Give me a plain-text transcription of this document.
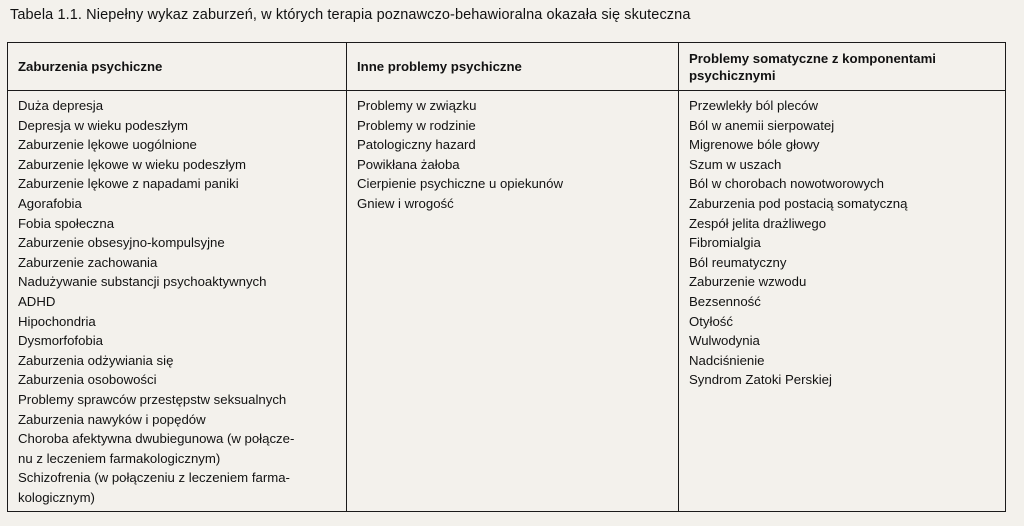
Tabela 1.1. Niepełny wykaz zaburzeń, w których terapia poznawczo-behawioralna okazała się skuteczna
Zaburzenia psychiczne	Inne problemy psychiczne
Problemy somatyczne z komponentami psychicznymi
Duża depresja
Depresja w wieku podeszłym
Zaburzenie lękowe uogólnione
Zaburzenie lękowe w wieku podeszłym
Zaburzenie lękowe z napadami paniki
Agorafobia
Fobia społeczna
Zaburzenie obsesyjno-kompulsyjne
Zaburzenie zachowania
Nadużywanie substancji psychoaktywnych
ADHD
Hipochondria
Dysmorfofobia
Zaburzenia odżywiania się
Zaburzenia osobowości
Problemy sprawców przestępstw seksualnych
Zaburzenia nawyków i popędów
Choroba afektywna dwubiegunowa (w połącze-
nu z leczeniem farmakologicznym)
Schizofrenia (w połączeniu z leczeniem farma-
kologicznym)
Problemy w związku
Problemy w rodzinie
Patologiczny hazard
Powikłana żałoba
Cierpienie psychiczne u opiekunów
Gniew i wrogość
Przewlekły ból pleców
Ból w anemii sierpowatej
Migrenowe bóle głowy
Szum w uszach
Ból w chorobach nowotworowych
Zaburzenia pod postacią somatyczną
Zespół jelita drażliwego
Fibromialgia
Ból reumatyczny
Zaburzenie wzwodu
Bezsenność
Otyłość
Wulwodynia
Nadciśnienie
Syndrom Zatoki Perskiej
